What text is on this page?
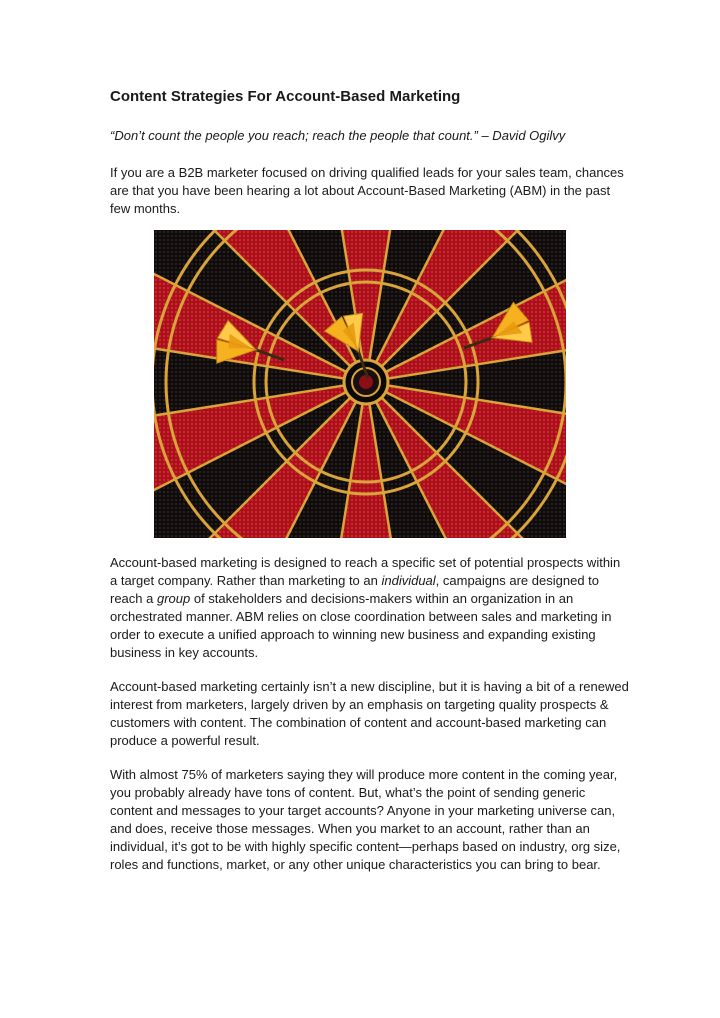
Content Strategies For Account-Based Marketing

“Don’t count the people you reach; reach the people that count.” – David Ogilvy

If you are a B2B marketer focused on driving qualified leads for your sales team, chances are that you have been hearing a lot about Account-Based Marketing (ABM) in the past few months.

Account-based marketing is designed to reach a specific set of potential prospects within a target company. Rather than marketing to an individual, campaigns are designed to reach a group of stakeholders and decisions-makers within an organization in an orchestrated manner. ABM relies on close coordination between sales and marketing in order to execute a unified approach to winning new business and expanding existing business in key accounts.

Account-based marketing certainly isn’t a new discipline, but it is having a bit of a renewed interest from marketers, largely driven by an emphasis on targeting quality prospects & customers with content. The combination of content and account-based marketing can produce a powerful result.

With almost 75% of marketers saying they will produce more content in the coming year, you probably already have tons of content. But, what’s the point of sending generic content and messages to your target accounts? Anyone in your marketing universe can, and does, receive those messages. When you market to an account, rather than an individual, it’s got to be with highly specific content—perhaps based on industry, org size, roles and functions, market, or any other unique characteristics you can bring to bear.
